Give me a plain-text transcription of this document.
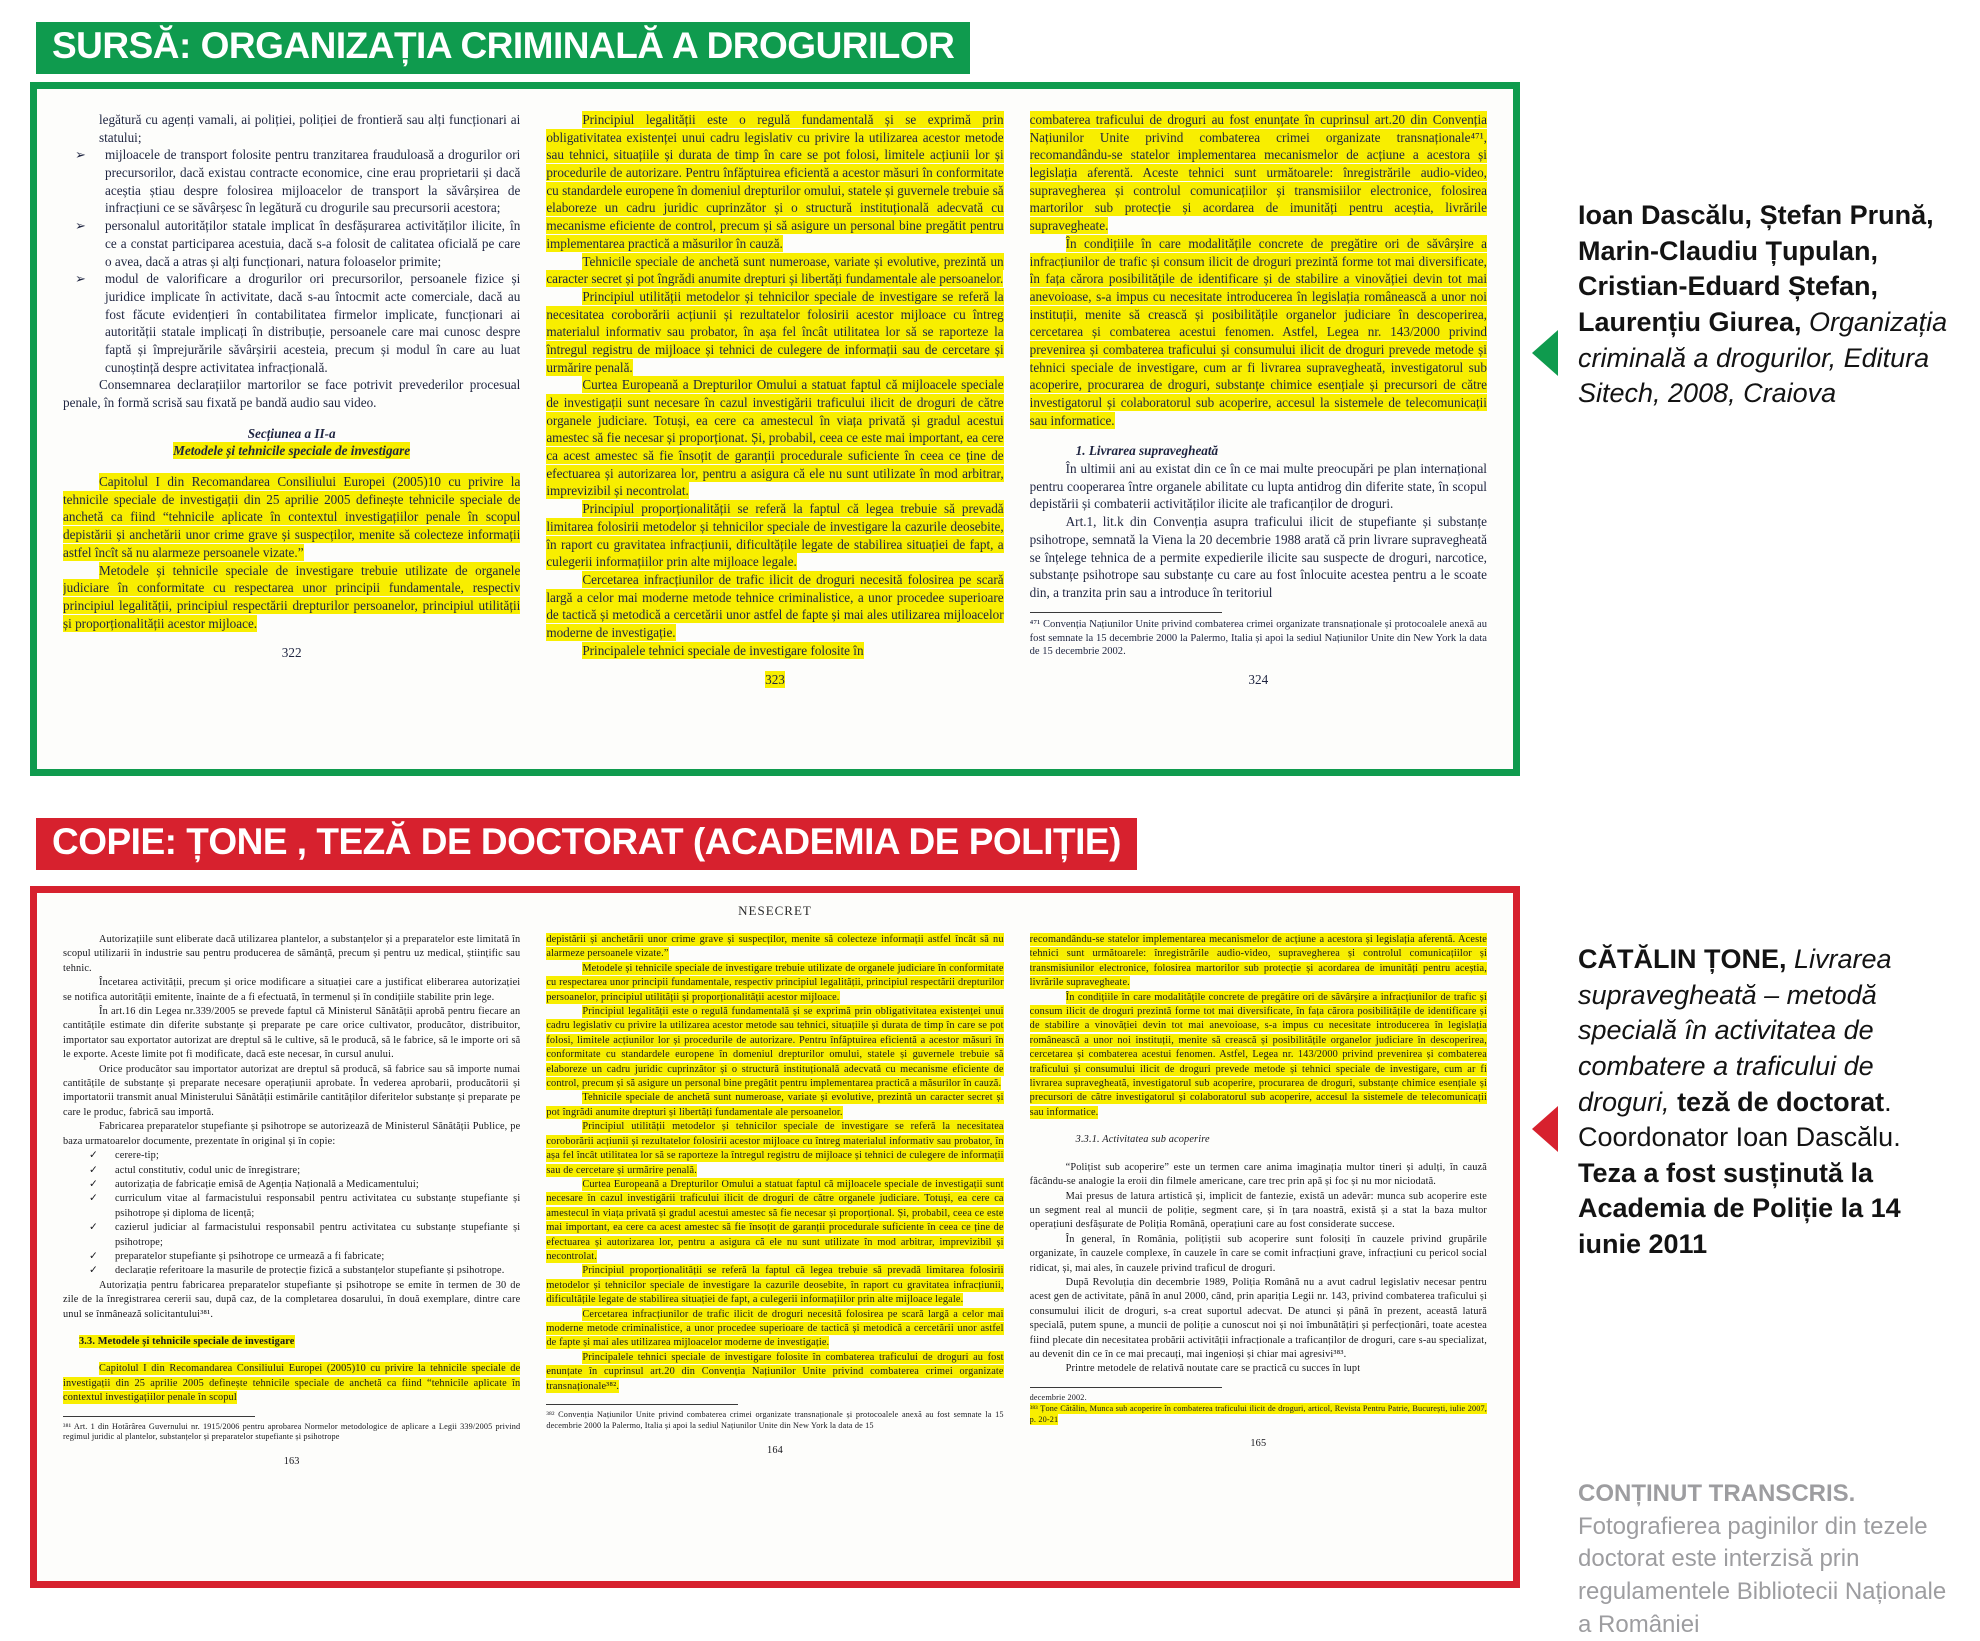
SURSĂ: ORGANIZAȚIA CRIMINALĂ A DROGURILOR
legătură cu agenți vamali, ai poliției, poliției de frontieră sau alți funcționari ai statului;
➢	mijloacele de transport folosite pentru tranzitarea frauduloasă a drogurilor ori precursorilor, dacă existau contracte economice, cine erau proprietarii și dacă aceștia știau despre folosirea mijloacelor de transport la săvârșirea de infracțiuni ce se săvârșesc în legătură cu drogurile sau precursorii acestora;
➢	personalul autorităților statale implicat în desfășurarea activităților ilicite, în ce a constat participarea acestuia, dacă s-a folosit de calitatea oficială pe care o avea, dacă a atras și alți funcționari, natura foloaselor primite;
➢	modul de valorificare a drogurilor ori precursorilor, persoanele fizice și juridice implicate în activitate, dacă s-au întocmit acte comerciale, dacă au fost făcute evidențieri în contabilitatea firmelor implicate, funcționari ai autorității statale implicați în distribuție, persoanele care mai cunosc despre faptă și împrejurările săvârșirii acesteia, precum și modul în care au luat cunoștință despre activitatea infracțională.
Consemnarea declarațiilor martorilor se face potrivit prevederilor procesual penale, în formă scrisă sau fixată pe bandă audio sau video.
Secțiunea a II-a
Metodele și tehnicile speciale de investigare
Capitolul I din Recomandarea Consiliului Europei (2005)10 cu privire la tehnicile speciale de investigații din 25 aprilie 2005 definește tehnicile speciale de anchetă ca fiind “tehnicile aplicate în contextul investigațiilor penale în scopul depistării și anchetării unor crime grave și suspecților, menite să colecteze informații astfel încît să nu alarmeze persoanele vizate.”
Metodele și tehnicile speciale de investigare trebuie utilizate de organele judiciare în conformitate cu respectarea unor principii fundamentale, respectiv principiul legalității, principiul respectării drepturilor persoanelor, principiul utilității și proporționalității acestor mijloace.
322
Principiul legalității este o regulă fundamentală și se exprimă prin obligativitatea existenței unui cadru legislativ cu privire la utilizarea acestor metode sau tehnici, situațiile și durata de timp în care se pot folosi, limitele acțiunii lor și procedurile de autorizare. Pentru înfăptuirea eficientă a acestor măsuri în conformitate cu standardele europene în domeniul drepturilor omului, statele și guvernele trebuie să elaboreze un cadru juridic cuprinzător și o structură instituțională adecvată cu mecanisme eficiente de control, precum și să asigure un personal bine pregătit pentru implementarea practică a măsurilor în cauză.
Tehnicile speciale de anchetă sunt numeroase, variate și evolutive, prezintă un caracter secret și pot îngrădi anumite drepturi și libertăți fundamentale ale persoanelor.
Principiul utilității metodelor și tehnicilor speciale de investigare se referă la necesitatea coroborării acțiunii și rezultatelor folosirii acestor mijloace cu întreg materialul informativ sau probator, în așa fel încât utilitatea lor să se raporteze la întregul registru de mijloace și tehnici de culegere de informații sau de cercetare și urmărire penală.
Curtea Europeană a Drepturilor Omului a statuat faptul că mijloacele speciale de investigații sunt necesare în cazul investigării traficului ilicit de droguri de către organele judiciare. Totuși, ea cere ca amestecul în viața privată și gradul acestui amestec să fie necesar și proporționat. Și, probabil, ceea ce este mai important, ea cere ca acest amestec să fie însoțit de garanții procedurale suficiente în ceea ce ține de efectuarea și autorizarea lor, pentru a asigura că ele nu sunt utilizate în mod arbitrar, imprevizibil și necontrolat.
Principiul proporționalității se referă la faptul că legea trebuie să prevadă limitarea folosirii metodelor și tehnicilor speciale de investigare la cazurile deosebite, în raport cu gravitatea infracțiunii, dificultățile legate de stabilirea situației de fapt, a culegerii informațiilor prin alte mijloace legale.
Cercetarea infracțiunilor de trafic ilicit de droguri necesită folosirea pe scară largă a celor mai moderne metode tehnice criminalistice, a unor procedee superioare de tactică și metodică a cercetării unor astfel de fapte și mai ales utilizarea mijloacelor moderne de investigație.
Principalele tehnici speciale de investigare folosite în
323
combaterea traficului de droguri au fost enunțate în cuprinsul art.20 din Convenția Națiunilor Unite privind combaterea crimei organizate transnaționale⁴⁷¹, recomandându-se statelor implementarea mecanismelor de acțiune a acestora și legislația aferentă. Aceste tehnici sunt următoarele: înregistrările audio-video, supravegherea și controlul comunicațiilor și transmisiilor electronice, folosirea martorilor sub protecție și acordarea de imunități pentru aceștia, livrările supravegheate.
În condițiile în care modalitățile concrete de pregătire ori de săvârșire a infracțiunilor de trafic și consum ilicit de droguri prezintă forme tot mai diversificate, în fața cărora posibilitățile de identificare și de stabilire a vinovăției devin tot mai anevoioase, s-a impus cu necesitate introducerea în legislația românească a unor noi instituții, menite să crească și posibilitățile organelor judiciare în descoperirea, cercetarea și combaterea acestui fenomen. Astfel, Legea nr. 143/2000 privind prevenirea și combaterea traficului și consumului ilicit de droguri prevede metode și tehnici speciale de investigare, cum ar fi livrarea supravegheată, investigatorul sub acoperire, procurarea de droguri, substanțe chimice esențiale și precursori de către investigatorul și colaboratorul sub acoperire, accesul la sistemele de telecomunicații sau informatice.
1. Livrarea supravegheată
În ultimii ani au existat din ce în ce mai multe preocupări pe plan internațional pentru cooperarea între organele abilitate cu lupta antidrog din diferite state, în scopul depistării și combaterii activităților ilicite ale traficanților de droguri.
Art.1, lit.k din Convenția asupra traficului ilicit de stupefiante și substanțe psihotrope, semnată la Viena la 20 decembrie 1988 arată că prin livrare supravegheată se înțelege tehnica de a permite expedierile ilicite sau suspecte de droguri, narcotice, substanțe psihotrope sau substanțe cu care au fost înlocuite acestea pentru a le scoate din, a tranzita prin sau a introduce în teritoriul
⁴⁷¹ Convenția Națiunilor Unite privind combaterea crimei organizate transnaționale și protocoalele anexă au fost semnate la 15 decembrie 2000 la Palermo, Italia și apoi la sediul Națiunilor Unite din New York la data de 15 decembrie 2002.
324
Ioan Dascălu, Ștefan Prună, Marin-Claudiu Țupulan, Cristian-Eduard Ștefan, Laurențiu Giurea, Organizația criminală a drogurilor, Editura Sitech, 2008, Craiova
COPIE: ȚONE , TEZĂ DE DOCTORAT (ACADEMIA DE POLIȚIE)
NESECRET
Autorizațiile sunt eliberate dacă utilizarea plantelor, a substanțelor și a preparatelor este limitată în scopul utilizarii în industrie sau pentru producerea de sămânță, precum și pentru uz medical, științific sau tehnic.
Încetarea activității, precum și orice modificare a situației care a justificat eliberarea autorizației se notifica autorității emitente, înainte de a fi efectuată, în termenul și în condițiile stabilite prin lege.
În art.16 din Legea nr.339/2005 se prevede faptul că Ministerul Sănătății aprobă pentru fiecare an cantitățile estimate din diferite substanțe și preparate pe care orice cultivator, producător, distribuitor, importator sau exportator autorizat are dreptul să le cultive, să le producă, să le fabrice, să le importe ori să le exporte. Aceste limite pot fi modificate, dacă este necesar, în cursul anului.
Orice producător sau importator autorizat are dreptul să producă, să fabrice sau să importe numai cantitățile de substanțe și preparate necesare operațiunii aprobate. În vederea aprobarii, producătorii și importatorii transmit anual Ministerului Sănătății estimările cantităților diferitelor substanțe și preparate pe care le produc, fabrică sau importă.
Fabricarea preparatelor stupefiante și psihotrope se autorizează de Ministerul Sănătății Publice, pe baza urmatoarelor documente, prezentate în original și în copie:
✓	cerere-tip;
✓	actul constitutiv, codul unic de înregistrare;
✓	autorizația de fabricație emisă de Agenția Națională a Medicamentului;
✓	curriculum vitae al farmacistului responsabil pentru activitatea cu substanțe stupefiante și psihotrope și diploma de licență;
✓	cazierul judiciar al farmacistului responsabil pentru activitatea cu substanțe stupefiante și psihotrope;
✓	preparatelor stupefiante și psihotrope ce urmează a fi fabricate;
✓	declarație referitoare la masurile de protecție fizică a substanțelor stupefiante și psihotrope.
Autorizația pentru fabricarea preparatelor stupefiante și psihotrope se emite în termen de 30 de zile de la înregistrarea cererii sau, după caz, de la completarea dosarului, în două exemplare, dintre care unul se înmânează solicitantului³⁸¹.
3.3. Metodele și tehnicile speciale de investigare
Capitolul I din Recomandarea Consiliului Europei (2005)10 cu privire la tehnicile speciale de investigații din 25 aprilie 2005 definește tehnicile speciale de anchetă ca fiind “tehnicile aplicate în contextul investigațiilor penale în scopul
³⁸¹ Art. 1 din Hotărârea Guvernului nr. 1915/2006 pentru aprobarea Normelor metodologice de aplicare a Legii 339/2005 privind regimul juridic al plantelor, substanțelor și preparatelor stupefiante și psihotrope
163
depistării și anchetării unor crime grave și suspecților, menite să colecteze informații astfel încât să nu alarmeze persoanele vizate.”
Metodele și tehnicile speciale de investigare trebuie utilizate de organele judiciare în conformitate cu respectarea unor principii fundamentale, respectiv principiul legalității, principiul respectării drepturilor persoanelor, principiul utilității și proporționalității acestor mijloace.
Principiul legalității este o regulă fundamentală și se exprimă prin obligativitatea existenței unui cadru legislativ cu privire la utilizarea acestor metode sau tehnici, situațiile și durata de timp în care se pot folosi, limitele acțiunilor lor și procedurile de autorizare. Pentru înfăptuirea eficientă a acestor măsuri în conformitate cu standardele europene în domeniul drepturilor omului, statele și guvernele trebuie să elaboreze un cadru juridic cuprinzător și o structură instituțională adecvată cu mecanisme eficiente de control, precum și să asigure un personal bine pregătit pentru implementarea practică a măsurilor în cauză.
Tehnicile speciale de anchetă sunt numeroase, variate și evolutive, prezintă un caracter secret și pot îngrădi anumite drepturi și libertăți fundamentale ale persoanelor.
Principiul utilității metodelor și tehnicilor speciale de investigare se referă la necesitatea coroborării acțiunii și rezultatelor folosirii acestor mijloace cu întreg materialul informativ sau probator, în așa fel încât utilitatea lor să se raporteze la întregul registru de mijloace și tehnici de culegere de informații sau de cercetare și urmărire penală.
Curtea Europeană a Drepturilor Omului a statuat faptul că mijloacele speciale de investigații sunt necesare în cazul investigării traficului ilicit de droguri de către organele judiciare. Totuși, ea cere ca amestecul în viața privată și gradul acestui amestec să fie necesar și proporțional. Și, probabil, ceea ce este mai important, ea cere ca acest amestec să fie însoțit de garanții procedurale suficiente în ceea ce ține de efectuarea și autorizarea lor, pentru a asigura că ele nu sunt utilizate în mod arbitrar, imprevizibil și necontrolat.
Principiul proporționalității se referă la faptul că legea trebuie să prevadă limitarea folosirii metodelor și tehnicilor speciale de investigare la cazurile deosebite, în raport cu gravitatea infracțiunii, dificultățile legate de stabilirea situației de fapt, a culegerii informațiilor prin alte mijloace legale.
Cercetarea infracțiunilor de trafic ilicit de droguri necesită folosirea pe scară largă a celor mai moderne metode criminalistice, a unor procedee superioare de tactică și metodică a cercetării unor astfel de fapte și mai ales utilizarea mijloacelor moderne de investigație.
Principalele tehnici speciale de investigare folosite în combaterea traficului de droguri au fost enunțate în cuprinsul art.20 din Convenția Națiunilor Unite privind combaterea crimei organizate transnaționale³⁸².
³⁸² Convenția Națiunilor Unite privind combaterea crimei organizate transnaționale și protocoalele anexă au fost semnate la 15 decembrie 2000 la Palermo, Italia și apoi la sediul Națiunilor Unite din New York la data de 15
164
recomandându-se statelor implementarea mecanismelor de acțiune a acestora și legislația aferentă. Aceste tehnici sunt următoarele: înregistrările audio-video, supravegherea și controlul comunicațiilor și transmisiunilor electronice, folosirea martorilor sub protecție și acordarea de imunități pentru aceștia, livrările supravegheate.
În condițiile în care modalitățile concrete de pregătire ori de săvârșire a infracțiunilor de trafic și consum ilicit de droguri prezintă forme tot mai diversificate, în fața cărora posibilitățile de identificare și de stabilire a vinovăției devin tot mai anevoioase, s-a impus cu necesitate introducerea în legislația românească a unor noi instituții, menite să crească și posibilitățile organelor judiciare în descoperirea, cercetarea și combaterea acestui fenomen. Astfel, Legea nr. 143/2000 privind prevenirea și combaterea traficului și consumului ilicit de droguri prevede metode și tehnici speciale de investigare, cum ar fi livrarea supravegheată, investigatorul sub acoperire, procurarea de droguri, substanțe chimice esențiale și precursori de către investigatorul și colaboratorul sub acoperire, accesul la sistemele de telecomunicații sau informatice.
3.3.1. Activitatea sub acoperire
“Polițist sub acoperire” este un termen care anima imaginația multor tineri și adulți, în cauză făcându-se analogie la eroii din filmele americane, care trec prin apă și foc și nu mor niciodată.
Mai presus de latura artistică și, implicit de fantezie, există un adevăr: munca sub acoperire este un segment real al muncii de poliție, segment care, și în țara noastră, există și a stat la baza multor operațiuni desfășurate de Poliția Română, operațiuni care au fost considerate succese.
În general, în România, polițiștii sub acoperire sunt folosiți în cauzele privind grupările organizate, în cauzele complexe, în cauzele în care se comit infracțiuni grave, infracțiuni cu pericol social ridicat, și, mai ales, în cauzele privind traficul de droguri.
După Revoluția din decembrie 1989, Poliția Română nu a avut cadrul legislativ necesar pentru acest gen de activitate, până în anul 2000, când, prin apariția Legii nr. 143, privind combaterea traficului și consumului ilicit de droguri, s-a creat suportul adecvat. De atunci și până în prezent, această latură specială, putem spune, a muncii de poliție a cunoscut noi și noi îmbunătățiri și perfecționări, toate acestea fiind plecate din necesitatea probării activității infracționale a traficanților de droguri, care s-au specializat, au devenit din ce în ce mai precauți, mai ingenioși și chiar mai agresivi³⁸³.
Printre metodele de relativă noutate care se practică cu succes în lupt
decembrie 2002.
³⁸³ Țone Cătălin, Munca sub acoperire în combaterea traficului ilicit de droguri, articol, Revista Pentru Patrie, București, iulie 2007, p. 20-21
165
CĂTĂLIN ȚONE, Livrarea supravegheată – metodă specială în activitatea de combatere a traficului de droguri, teză de doctorat. Coordonator Ioan Dascălu. Teza a fost susținută la Academia de Poliție la 14 iunie 2011
CONȚINUT TRANSCRIS. Fotografierea paginilor din tezele doctorat este interzisă prin regulamentele Bibliotecii Naționale a României
